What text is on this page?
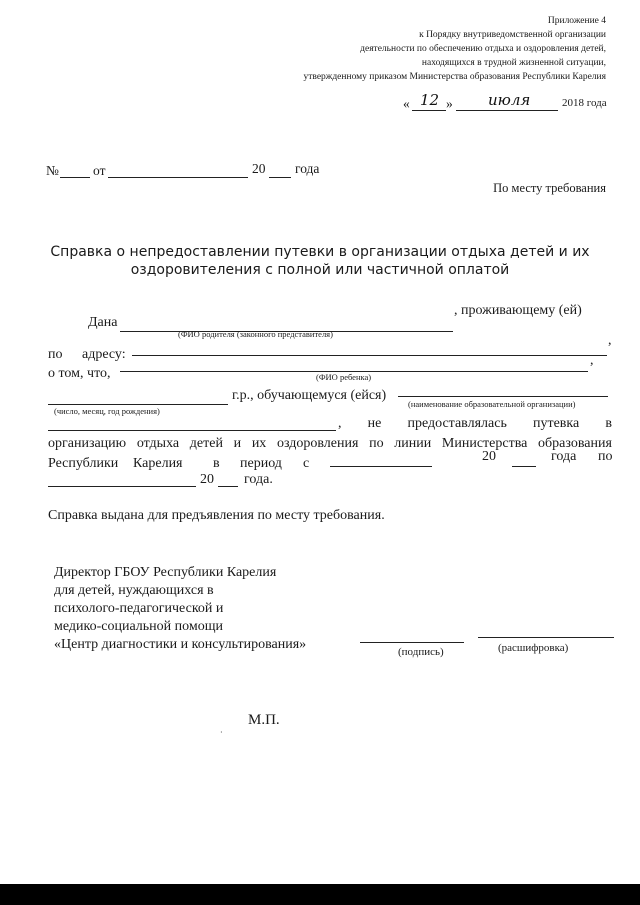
Приложение 4
к Порядку внутриведомственной организации
деятельности по обеспечению отдыха и оздоровления детей,
находящихся в трудной жизненной ситуации,
утвержденному приказом Министерства образования Республики Карелия
« 12 » июля	2018 года
№	от	20 года
По месту требования
Справка о непредоставлении путевки в организации отдыха детей и их
оздоровителения с полной или частичной оплатой
Дана
, проживающему (ей)
(ФИО родителя (законного представителя)
по адресу:
,
о том, что,
,
(ФИО ребенка)
г.р., обучающемуся (ейся)
(число, месяц, год рождения)
(наименование образовательной организации)
, не предоставлялась путевка в
организацию отдыха детей и их оздоровления по линии Министерства образования
Республики Карелия в период с	20	года по
20 года.
Справка выдана для предъявления по месту требования.
Директор ГБОУ Республики Карелия
для детей, нуждающихся в
психолого-педагогической и
медико-социальной помощи
«Центр диагностики и консультирования»	(подпись)	(расшифровка)
М.П.
·
